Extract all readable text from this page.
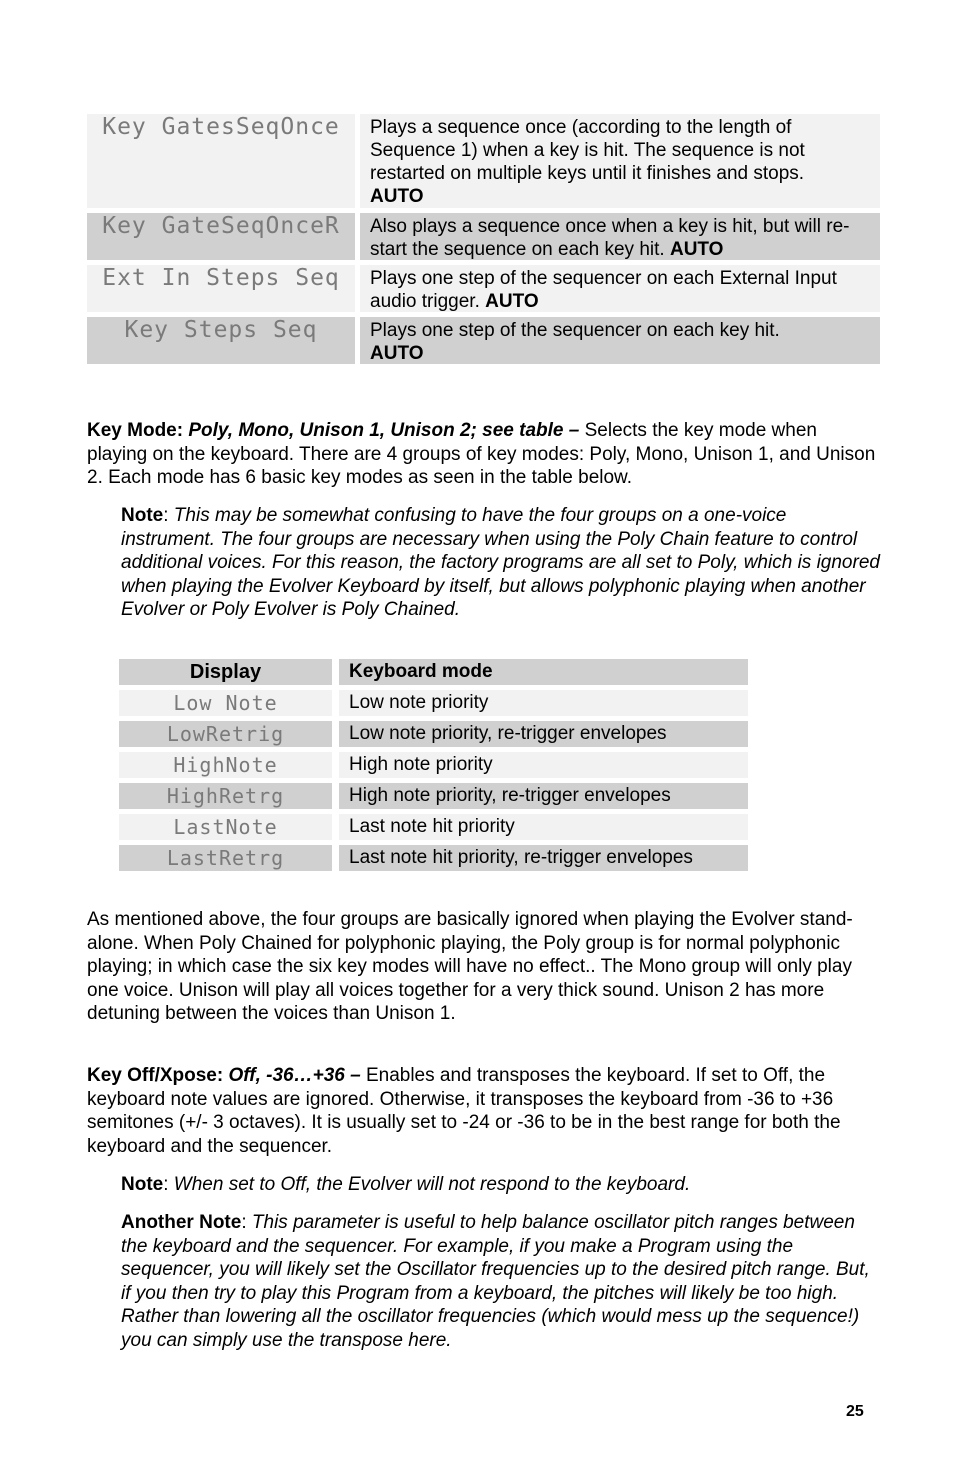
Key GatesSeqOnce	Plays a sequence once (according to the length of Sequence 1) when a key is hit. The sequence is not restarted on multiple keys until it finishes and stops.
AUTO
Key GateSeqOnceR	Also plays a sequence once when a key is hit, but will re-start the sequence on each key hit. AUTO
Ext In Steps Seq	Plays one step of the sequencer on each External Input audio trigger. AUTO
Key Steps Seq	Plays one step of the sequencer on each key hit.
AUTO

Key Mode: Poly, Mono, Unison 1, Unison 2; see table – Selects the key mode when playing on the keyboard. There are 4 groups of key modes: Poly, Mono, Unison 1, and Unison 2. Each mode has 6 basic key modes as seen in the table below.

Note: This may be somewhat confusing to have the four groups on a one-voice instrument. The four groups are necessary when using the Poly Chain feature to control additional voices. For this reason, the factory programs are all set to Poly, which is ignored when playing the Evolver Keyboard by itself, but allows polyphonic playing when another Evolver or Poly Evolver is Poly Chained.

Display	Keyboard mode
Low Note	Low note priority
LowRetrig	Low note priority, re-trigger envelopes
HighNote	High note priority
HighRetrg	High note priority, re-trigger envelopes
LastNote	Last note hit priority
LastRetrg	Last note hit priority, re-trigger envelopes

As mentioned above, the four groups are basically ignored when playing the Evolver stand-alone. When Poly Chained for polyphonic playing, the Poly group is for normal polyphonic playing; in which case the six key modes will have no effect.. The Mono group will only play one voice. Unison will play all voices together for a very thick sound. Unison 2 has more detuning between the voices than Unison 1.

Key Off/Xpose: Off, -36…+36 – Enables and transposes the keyboard. If set to Off, the keyboard note values are ignored. Otherwise, it transposes the keyboard from -36 to +36 semitones (+/- 3 octaves). It is usually set to -24 or -36 to be in the best range for both the keyboard and the sequencer.

Note: When set to Off, the Evolver will not respond to the keyboard.

Another Note: This parameter is useful to help balance oscillator pitch ranges between the keyboard and the sequencer. For example, if you make a Program using the sequencer, you will likely set the Oscillator frequencies up to the desired pitch range. But, if you then try to play this Program from a keyboard, the pitches will likely be too high. Rather than lowering all the oscillator frequencies (which would mess up the sequence!) you can simply use the transpose here.

25
